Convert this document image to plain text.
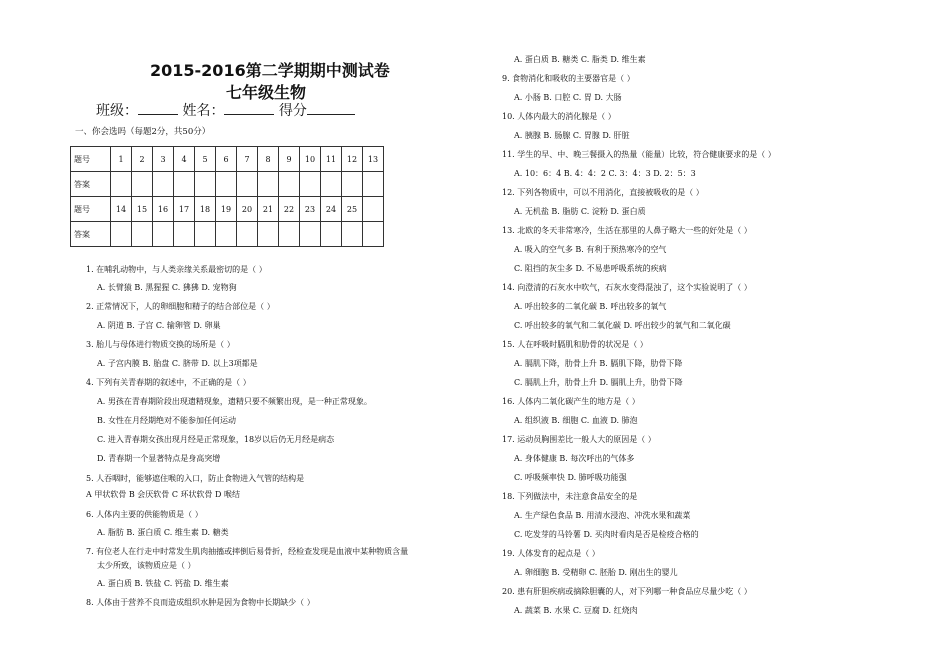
2015-2016第二学期期中测试卷
七年级生物
班级：	姓名：	得分
一、你会选吗（每题2分，共50分）
题号	1	2	3	4	5	6	7	8	9	10	11	12	13
答案													
题号	14	15	16	17	18	19	20	21	22	23	24	25	
答案													
1. 在哺乳动物中，与人类亲缘关系最密切的是（ ）
A. 长臂猿 B. 黑猩猩 C. 狒狒 D. 宠物狗
2. 正常情况下，人的卵细胞和精子的结合部位是（ ）
A. 阴道 B. 子宫 C. 输卵管 D. 卵巢
3. 胎儿与母体进行物质交换的场所是（ ）
A. 子宫内膜 B. 胎盘 C. 脐带 D. 以上3项都是
4. 下列有关青春期的叙述中，不正确的是（ ）
A. 男孩在青春期阶段出现遗精现象，遗精只要不频繁出现，是一种正常现象。
B. 女性在月经期绝对不能参加任何运动
C. 进入青春期女孩出现月经是正常现象，18岁以后仍无月经是病态
D. 青春期一个显著特点是身高突增
5. 人吞咽时，能够遮住喉的入口，防止食物进入气管的结构是
A 甲状软骨 B 会厌软骨 C 环状软骨 D 喉结
6. 人体内主要的供能物质是（ ）
A. 脂肪 B. 蛋白质 C. 维生素 D. 糖类
7. 有位老人在行走中时常发生肌肉抽搐或摔倒后易骨折，经检查发现是血液中某种物质含量
太少所致，该物质应是（ ）
A. 蛋白质 B. 铁盐 C. 钙盐 D. 维生素
8. 人体由于营养不良而造成组织水肿是因为食物中长期缺少（ ）
A. 蛋白质 B. 糖类 C. 脂类 D. 维生素
9. 食物消化和吸收的主要器官是（ ）
A. 小肠 B. 口腔 C. 胃 D. 大肠
10. 人体内最大的消化腺是（ ）
A. 胰腺 B. 肠腺 C. 胃腺 D. 肝脏
11. 学生的早、中、晚三餐摄入的热量（能量）比较，符合健康要求的是（ ）
A. 10：6：4 B. 4：4：2 C. 3：4：3 D. 2：5：3
12. 下列各物质中，可以不用消化，直接被吸收的是（ ）
A. 无机盐 B. 脂肪 C. 淀粉 D. 蛋白质
13. 北欧的冬天非常寒冷，生活在那里的人鼻子略大一些的好处是（ ）
A. 吸入的空气多 B. 有利于预热寒冷的空气
C. 阻挡的灰尘多 D. 不易患呼吸系统的疾病
14. 向澄清的石灰水中吹气，石灰水变得混浊了，这个实验说明了（ ）
A. 呼出较多的二氧化碳 B. 呼出较多的氧气
C. 呼出较多的氧气和二氧化碳 D. 呼出较少的氧气和二氧化碳
15. 人在呼吸时膈肌和肋骨的状况是（ ）
A. 膈肌下降，肋骨上升 B. 膈肌下降，肋骨下降
C. 膈肌上升，肋骨上升 D. 膈肌上升，肋骨下降
16. 人体内二氧化碳产生的地方是（ ）
A. 组织液 B. 细胞 C. 血液 D. 肺泡
17. 运动员胸围差比一般人大的原因是（ ）
A. 身体健康 B. 每次呼出的气体多
C. 呼吸频率快 D. 肺呼吸功能强
18. 下列做法中，未注意食品安全的是
A. 生产绿色食品 B. 用清水浸泡、冲洗水果和蔬菜
C. 吃发芽的马铃薯 D. 买肉时看肉是否是检疫合格的
19. 人体发育的起点是（ ）
A. 卵细胞 B. 受精卵 C. 胚胎 D. 刚出生的婴儿
20. 患有肝胆疾病或摘除胆囊的人，对下列哪一种食品应尽量少吃（ ）
A. 蔬菜 B. 水果 C. 豆腐 D. 红烧肉
